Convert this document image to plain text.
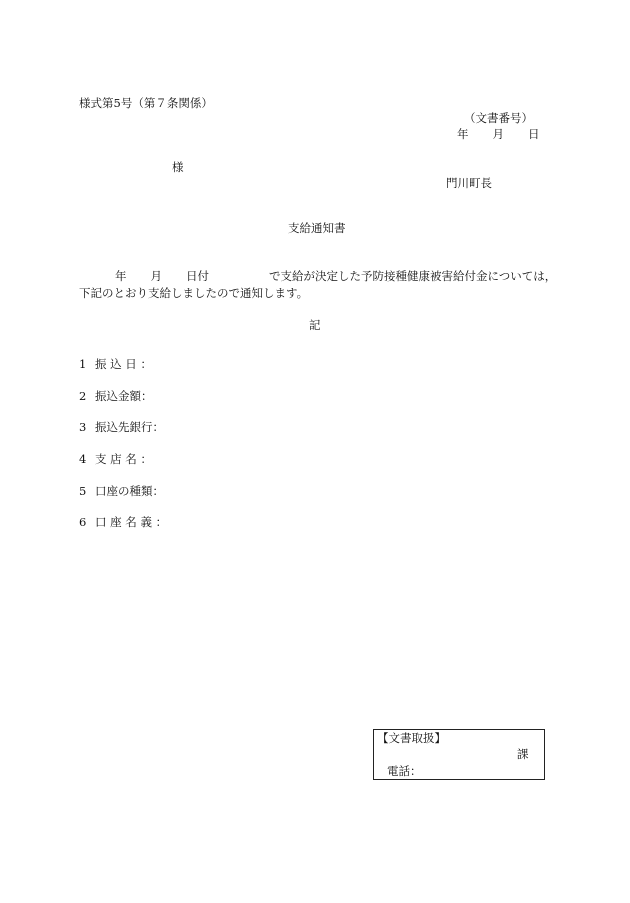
様式第5号（第７条関係）
（文書番号）
年 月 日
様
門川町長
支給通知書
年 月 日付	で支給が決定した予防接種健康被害給付金については，
下記のとおり支給しましたので通知します。
記
1 振 込 日 ：
2 振込金額：
3 振込先銀行：
4 支 店 名 ：
5 口座の種類：
6 口 座 名 義 ：
【文書取扱】
課
電話：
